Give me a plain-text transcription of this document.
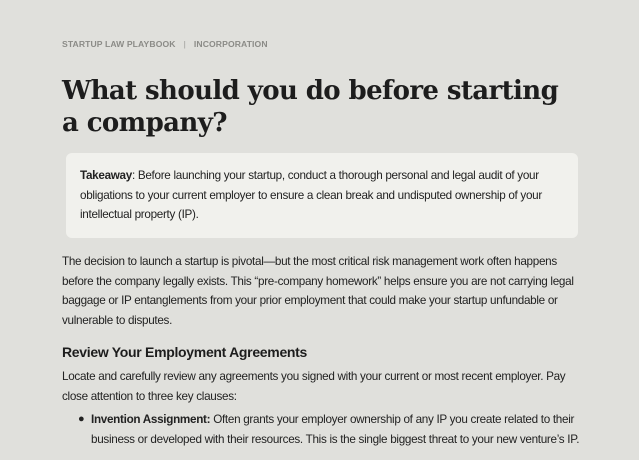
STARTUP LAW PLAYBOOK | INCORPORATION
What should you do before starting a company?
Takeaway: Before launching your startup, conduct a thorough personal and legal audit of your obligations to your current employer to ensure a clean break and undisputed ownership of your intellectual property (IP).

The decision to launch a startup is pivotal—but the most critical risk management work often happens before the company legally exists. This “pre-company homework” helps ensure you are not carrying legal baggage or IP entanglements from your prior employment that could make your startup unfundable or vulnerable to disputes.

Review Your Employment Agreements

Locate and carefully review any agreements you signed with your current or most recent employer. Pay close attention to three key clauses:

● Invention Assignment: Often grants your employer ownership of any IP you create related to their business or developed with their resources. This is the single biggest threat to your new venture’s IP.
